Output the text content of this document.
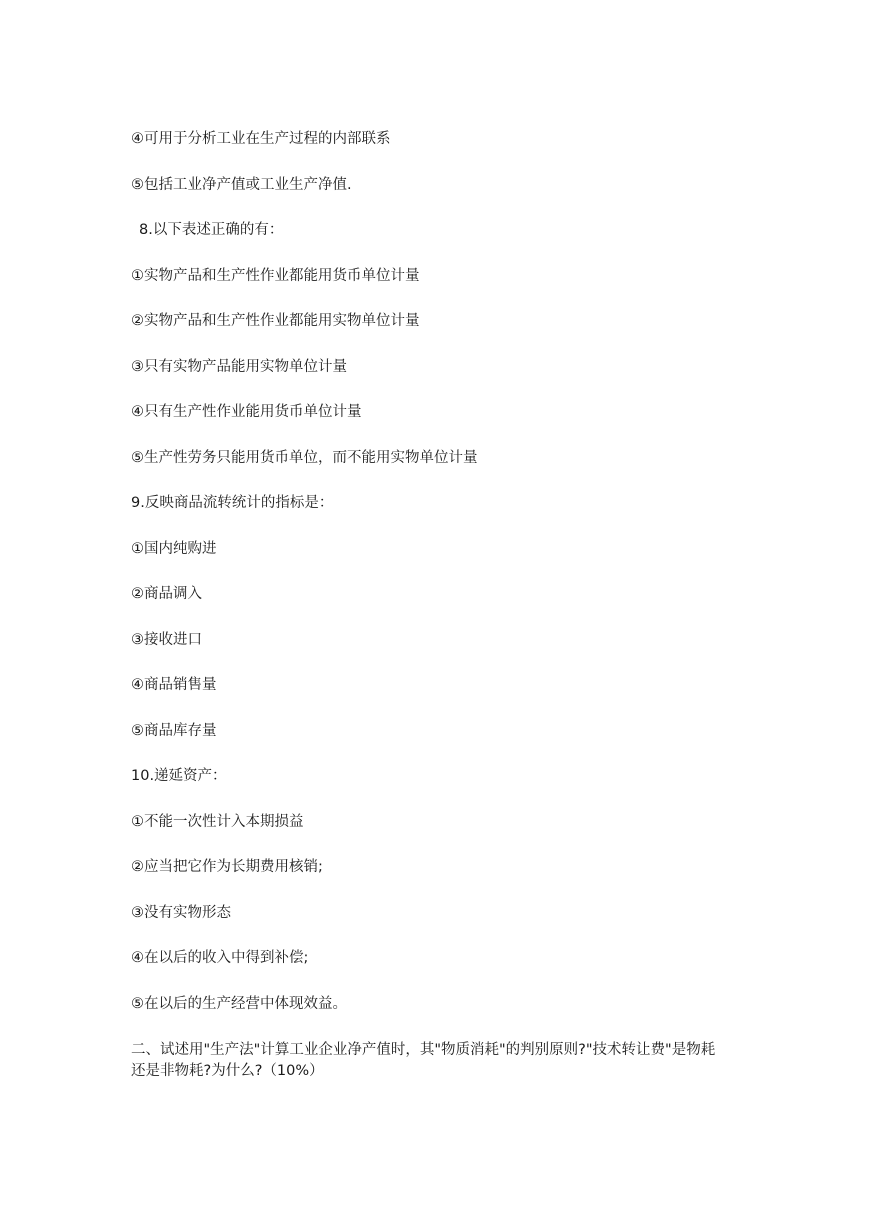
④可用于分析工业在生产过程的内部联系
⑤包括工业净产值或工业生产净值.
8.以下表述正确的有：
①实物产品和生产性作业都能用货币单位计量
②实物产品和生产性作业都能用实物单位计量
③只有实物产品能用实物单位计量
④只有生产性作业能用货币单位计量
⑤生产性劳务只能用货币单位，而不能用实物单位计量
9.反映商品流转统计的指标是：
①国内纯购进
②商品调入
③接收进口
④商品销售量
⑤商品库存量
10.递延资产：
①不能一次性计入本期损益
②应当把它作为长期费用核销;
③没有实物形态
④在以后的收入中得到补偿;
⑤在以后的生产经营中体现效益。
二、试述用"生产法"计算工业企业净产值时，其"物质消耗"的判别原则?"技术转让费"是物耗
还是非物耗?为什么?（10%）
